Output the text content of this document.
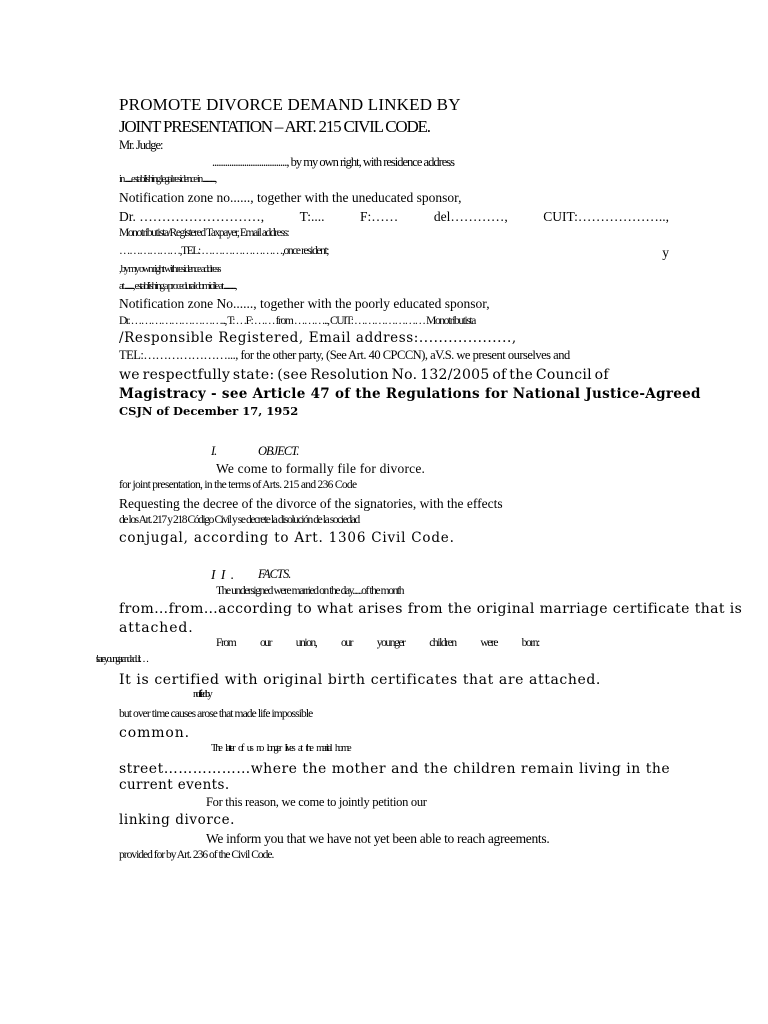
PROMOTE DIVORCE DEMAND LINKED BY

JOINT PRESENTATION – ART. 215 CIVIL CODE.

Mr. Judge:

..................................., by my own right, with residence address

in ........establishing legal residence in ...............,

Notification zone no......, together with the uneducated sponsor,

Dr. ………………………,	T:....	F:……	del…………,	CUIT:………………..,

Monotributista/Registered Taxpayer, Email address:

………………,TEL: ……………………,once resident;	y

, by my own right with residence address

at ..........., establishing a procedural domicile at ..............,

Notification zone No......, together with the poorly educated sponsor,

Dr. ……………………….., T: …F: …… from ……….., CUIT: ………………… Monotributista

/Responsible Registered, Email address:...................,

TEL:…………………..., for the other party, (See Art. 40 CPCCN), aV.S. we present ourselves and

we respectfully state: (see Resolution No. 132/2005 of the Council of

Magistracy - see Article 47 of the Regulations for National Justice-Agreed

CSJN of December 17, 1952

I.	OBJECT.

We come to formally file for divorce.

for joint presentation, in the terms of Arts. 215 and 236 Code

Requesting the decree of the divorce of the signatories, with the effects

de los Art. 217 y 218 Código Civil y se decrete la disolución de la sociedad

conjugal, according to Art. 1306 Civil Code.

I I . FACTS.

The undersigned were married on the day......of the month

from…from…according to what arises from the original marriage certificate that is

attached.

From our union, our younger children were born:

t's are younger and adult…

It is certified with original birth certificates that are attached.

notified by

but over time causes arose that made life impossible

common.

The latter of us no longer lives at the marital home

street………………where the mother and the children remain living in the

current events.

For this reason, we come to jointly petition our

linking divorce.

We inform you that we have not yet been able to reach agreements.

provided for by Art. 236 of the Civil Code.
